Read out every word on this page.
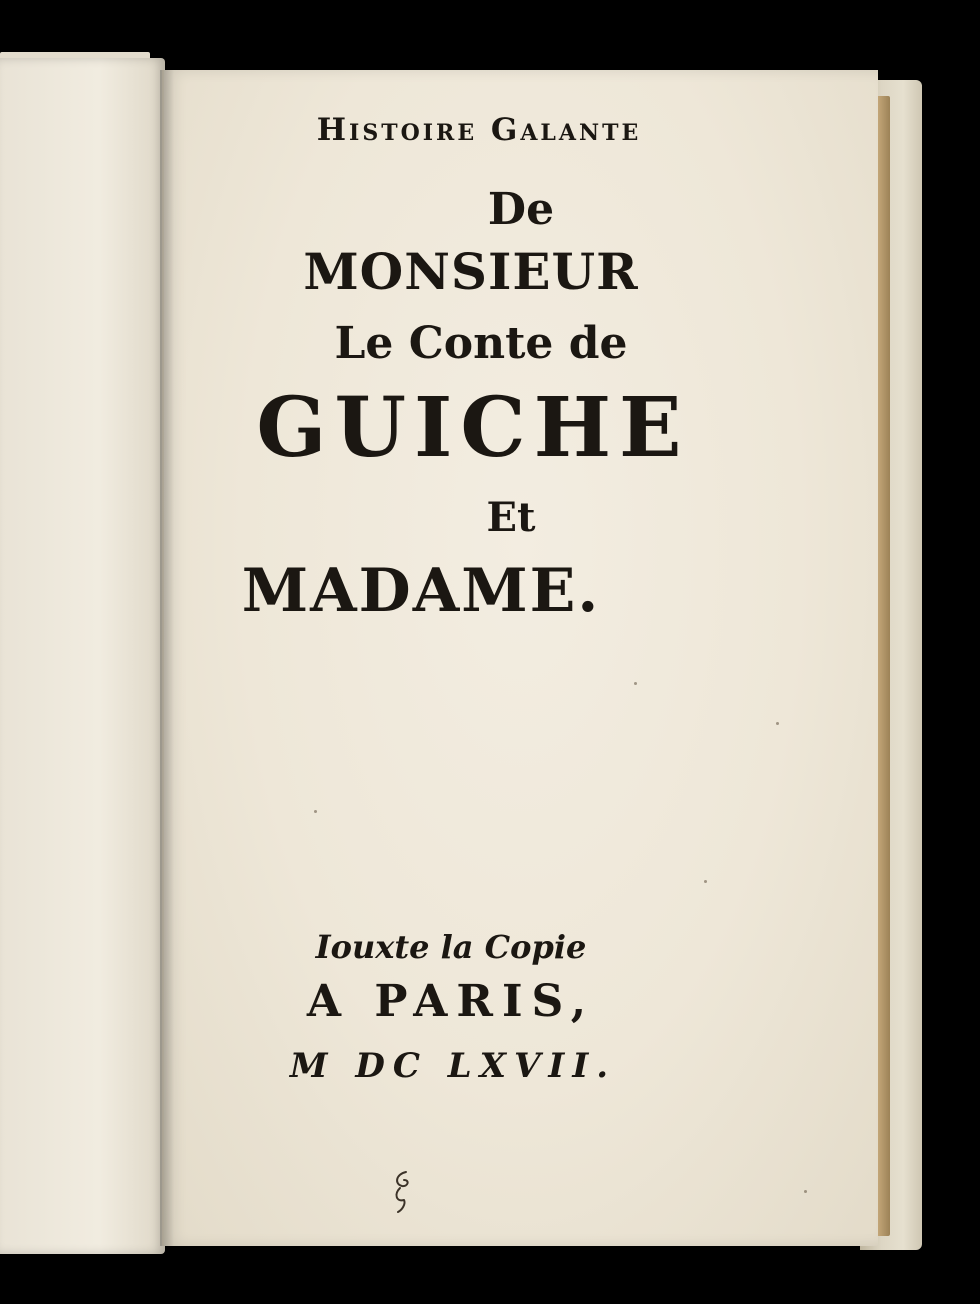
Histoire Galante
De
MONSIEUR
Le Conte de
GUICHE
Et
MADAME.
Iouxte la Copie
A PARIS,
M DC LXVII.
